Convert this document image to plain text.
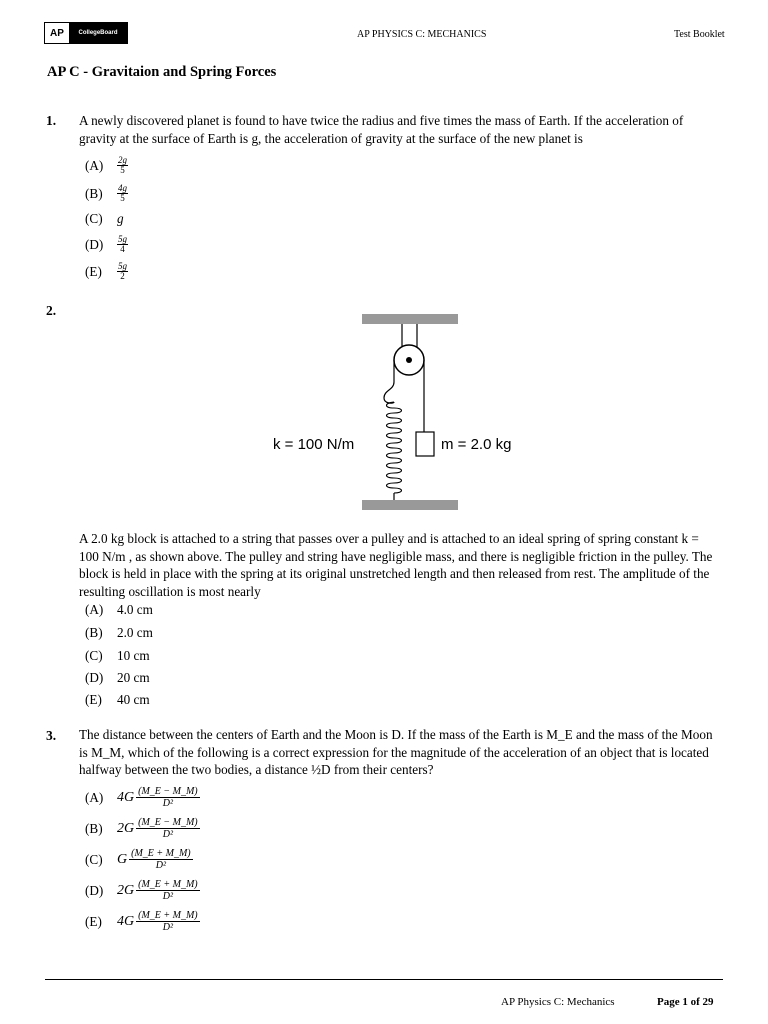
AP	CollegeBoard	AP PHYSICS C: MECHANICS	Test Booklet
AP C - Gravitaion and Spring Forces
1. A newly discovered planet is found to have twice the radius and five times the mass of Earth. If the acceleration of gravity at the surface of Earth is g, the acceleration of gravity at the surface of the new planet is
(A)	$\frac{2g}{5}$
(B)	$\frac{4g}{5}$
(C)	g
(D)	$\frac{5g}{4}$
(E)	$\frac{5g}{2}$
2.
k = 100 N/m	m = 2.0 kg
A 2.0 kg block is attached to a string that passes over a pulley and is attached to an ideal spring of spring constant k = 100 N/m , as shown above. The pulley and string have negligible mass, and there is negligible friction in the pulley. The block is held in place with the spring at its original unstretched length and then released from rest. The amplitude of the resulting oscillation is most nearly
(A)	4.0 cm
(B)	2.0 cm
(C)	10 cm
(D)	20 cm
(E)	40 cm
3. The distance between the centers of Earth and the Moon is D. If the mass of the Earth is M_E and the mass of the Moon is M_M, which of the following is a correct expression for the magnitude of the acceleration of an object that is located halfway between the two bodies, a distance ½D from their centers?
(A) $4G \frac{(M\_E - M\_M)}{\text{D²}}$
(B)	$2G \frac{(M\_E - M\_M)}{\text{D²}}$
(C)	G $\frac{(M\_E + M\_M)}{\text{D²}}$
(D) $2G \frac{(M\_E + M\_M)}{\text{D²}}$
(E)	$4G \frac{(M\_E + M\_M)}{\text{D²}}$
AP Physics C: Mechanics	Page 1 of 29
